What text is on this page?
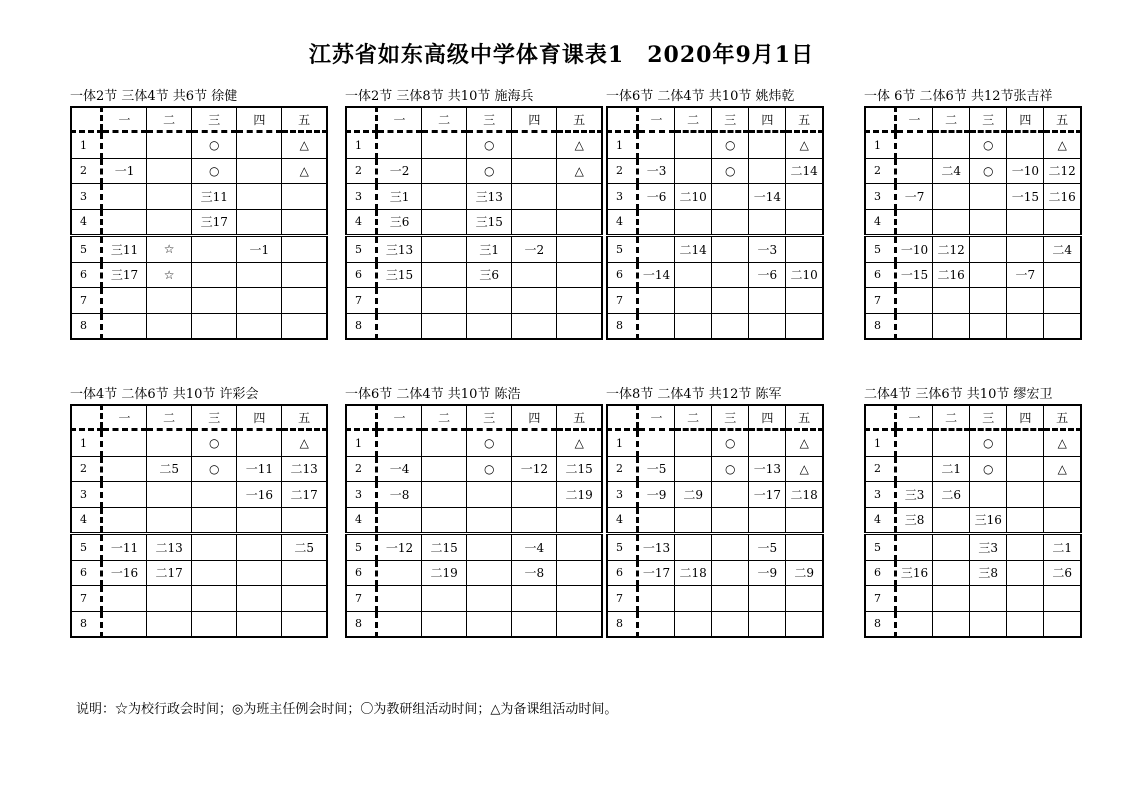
江苏省如东高级中学体育课表1　2020年9月1日
一体2节 三体4节 共6节 徐健
	一	二	三	四	五
1			○		△
2	一1		○		△
3			三11		
4			三17		
5	三11	☆		一1	
6	三17	☆			
7					
8					
一体2节 三体8节 共10节 施海兵
	一	二	三	四	五
1			○		△
2	一2		○		△
3	三1		三13		
4	三6		三15		
5	三13		三1	一2	
6	三15		三6		
7					
8					
一体6节 二体4节 共10节 姚炜乾
	一	二	三	四	五
1			○		△
2	一3		○		二14
3	一6	二10		一14	
4					
5		二14		一3	
6	一14			一6	二10
7					
8					
一体 6节 二体6节 共12节张吉祥
	一	二	三	四	五
1			○		△
2		二4	○	一10	二12
3	一7			一15	二16
4					
5	一10	二12			二4
6	一15	二16		一7	
7					
8					
一体4节 二体6节 共10节 许彩会
	一	二	三	四	五
1			○		△
2		二5	○	一11	二13
3				一16	二17
4					
5	一11	二13			二5
6	一16	二17			
7					
8					
一体6节 二体4节 共10节 陈浩
	一	二	三	四	五
1			○		△
2	一4		○	一12	二15
3	一8				二19
4					
5	一12	二15		一4	
6		二19		一8	
7					
8					
一体8节 二体4节 共12节 陈军
	一	二	三	四	五
1			○		△
2	一5		○	一13	△
3	一9	二9		一17	二18
4					
5	一13			一5	
6	一17	二18		一9	二9
7					
8					
二体4节 三体6节 共10节 缪宏卫
	一	二	三	四	五
1			○		△
2		二1	○		△
3	三3	二6			
4	三8		三16		
5			三3		二1
6	三16		三8		二6
7					
8					
说明：☆为校行政会时间；◎为班主任例会时间；〇为教研组活动时间；△为备课组活动时间。
